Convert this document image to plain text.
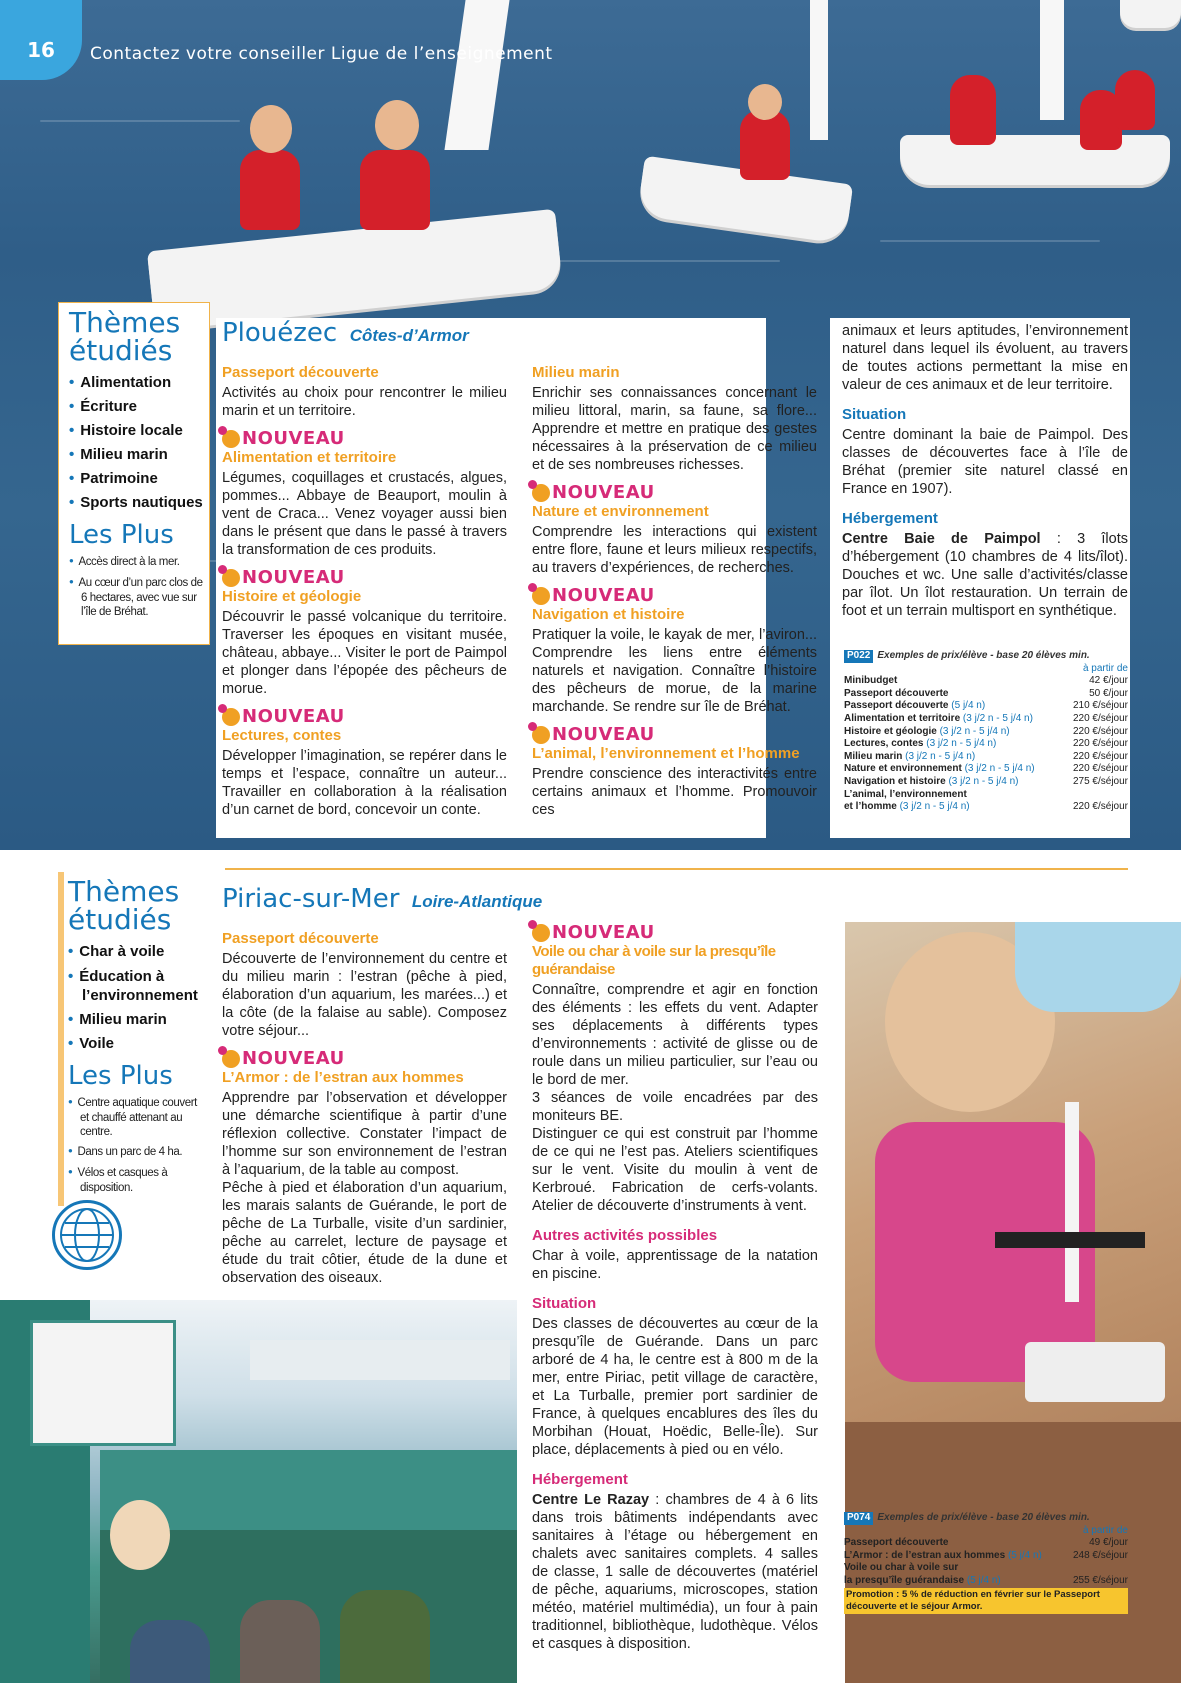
16	Contactez votre conseiller Ligue de l’enseignement
Thèmes
étudiés
• Alimentation
• Écriture
• Histoire locale
• Milieu marin
• Patrimoine
• Sports nautiques
Les Plus
● Accès direct à la mer.
● Au cœur d’un parc clos de 6 hectares, avec vue sur l’île de Bréhat.
Plouézec Côtes-d’Armor
Passeport découverte

Activités au choix pour rencontrer le milieu marin et un territoire.

NOUVEAU
Alimentation et territoire

Légumes, coquillages et crustacés, algues, pommes... Abbaye de Beauport, moulin à vent de Craca... Venez voyager aussi bien dans le présent que dans le passé à travers la transformation de ces produits.

NOUVEAU
Histoire et géologie

Découvrir le passé volcanique du territoire. Traverser les époques en visitant musée, château, abbaye... Visiter le port de Paimpol et plonger dans l’épopée des pêcheurs de morue.

NOUVEAU
Lectures, contes

Développer l’imagination, se repérer dans le temps et l’espace, connaître un auteur... Travailler en collaboration à la réalisation d’un carnet de bord, concevoir un conte.

Milieu marin

Enrichir ses connaissances concernant le milieu littoral, marin, sa faune, sa flore... Apprendre et mettre en pratique des gestes nécessaires à la préservation de ce milieu et de ses nombreuses richesses.

NOUVEAU
Nature et environnement

Comprendre les interactions qui existent entre flore, faune et leurs milieux respectifs, au travers d’expériences, de recherches.

NOUVEAU
Navigation et histoire

Pratiquer la voile, le kayak de mer, l’aviron... Comprendre les liens entre éléments naturels et navigation. Connaître l’histoire des pêcheurs de morue, de la marine marchande. Se rendre sur île de Bréhat.

NOUVEAU
L’animal, l’environnement et l’homme

Prendre conscience des interactivités entre certains animaux et l’homme. Promouvoir ces

animaux et leurs aptitudes, l’environnement naturel dans lequel ils évoluent, au travers de toutes actions permettant la mise en valeur de ces animaux et de leur territoire.

Situation

Centre dominant la baie de Paimpol. Des classes de découvertes face à l’île de Bréhat (premier site naturel classé en France en 1907).

Hébergement

Centre Baie de Paimpol : 3 îlots d’hébergement (10 chambres de 4 lits/îlot). Douches et wc. Une salle d’activités/classe par îlot. Un îlot restauration. Un terrain de foot et un terrain multisport en synthétique.

P022 Exemples de prix/élève - base 20 élèves min.
à partir de
Minibudget	42 €/jour
Passeport découverte	50 €/jour
Passeport découverte (5 j/4 n)	210 €/séjour
Alimentation et territoire (3 j/2 n - 5 j/4 n)	220 €/séjour
Histoire et géologie (3 j/2 n - 5 j/4 n)	220 €/séjour
Lectures, contes (3 j/2 n - 5 j/4 n)	220 €/séjour
Milieu marin (3 j/2 n - 5 j/4 n)	220 €/séjour
Nature et environnement (3 j/2 n - 5 j/4 n)	220 €/séjour
Navigation et histoire (3 j/2 n - 5 j/4 n)	275 €/séjour
L’animal, l’environnement
et l’homme (3 j/2 n - 5 j/4 n)	220 €/séjour
Thèmes
étudiés
• Char à voile
• Éducation à l’environnement
• Milieu marin
• Voile
Les Plus
● Centre aquatique couvert et chauffé attenant au centre.
● Dans un parc de 4 ha.
● Vélos et casques à disposition.
Piriac-sur-Mer Loire-Atlantique
Passeport découverte

Découverte de l’environnement du centre et du milieu marin : l’estran (pêche à pied, élaboration d’un aquarium, les marées...) et la côte (de la falaise au sable). Composez votre séjour...

NOUVEAU
L’Armor : de l’estran aux hommes

Apprendre par l’observation et développer une démarche scientifique à partir d’une réflexion collective. Constater l’impact de l’homme sur son environnement de l’estran à l’aquarium, de la table au compost.

Pêche à pied et élaboration d’un aquarium, les marais salants de Guérande, le port de pêche de La Turballe, visite d’un sardinier, pêche au carrelet, lecture de paysage et étude du trait côtier, étude de la dune et observation des oiseaux.

NOUVEAU
Voile ou char à voile sur la presqu’île guérandaise

Connaître, comprendre et agir en fonction des éléments : les effets du vent. Adapter ses déplacements à différents types d’environnements : activité de glisse ou de roule dans un milieu particulier, sur l’eau ou le bord de mer.

3 séances de voile encadrées par des moniteurs BE.

Distinguer ce qui est construit par l’homme de ce qui ne l’est pas. Ateliers scientifiques sur le vent. Visite du moulin à vent de Kerbroué. Fabrication de cerfs-volants. Atelier de découverte d’instruments à vent.

Autres activités possibles

Char à voile, apprentissage de la natation en piscine.

Situation

Des classes de découvertes au cœur de la presqu’île de Guérande. Dans un parc arboré de 4 ha, le centre est à 800 m de la mer, entre Piriac, petit village de caractère, et La Turballe, premier port sardinier de France, à quelques encablures des îles du Morbihan (Houat, Hoëdic, Belle-Île). Sur place, déplacements à pied ou en vélo.

Hébergement

Centre Le Razay : chambres de 4 à 6 lits dans trois bâtiments indépendants avec sanitaires à l’étage ou hébergement en chalets avec sanitaires complets. 4 salles de classe, 1 salle de découvertes (matériel de pêche, aquariums, microscopes, station météo, matériel multimédia), un four à pain traditionnel, bibliothèque, ludothèque. Vélos et casques à disposition.

P074 Exemples de prix/élève - base 20 élèves min.
à partir de
Passeport découverte	49 €/jour
L’Armor : de l’estran aux hommes (5 j/4 n)	248 €/séjour
Voile ou char à voile sur
la presqu’île guérandaise (5 j/4 n)	255 €/séjour
Promotion : 5 % de réduction en février sur le Passeport découverte et le séjour Armor.
